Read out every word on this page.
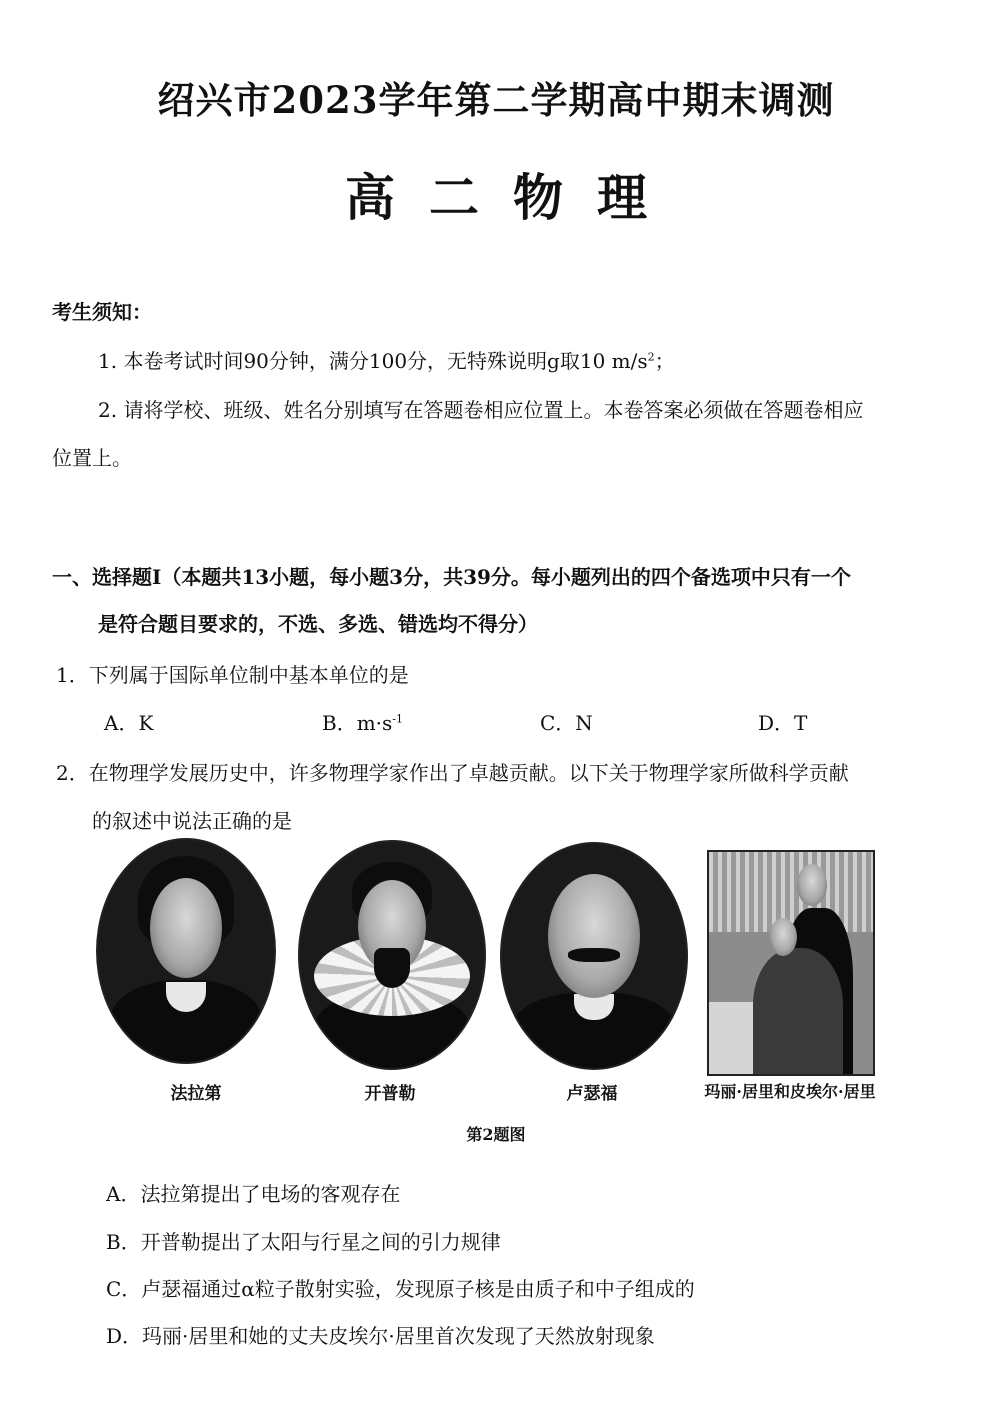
绍兴市2023学年第二学期高中期末调测
高二物理
考生须知：
1. 本卷考试时间90分钟，满分100分，无特殊说明g取10 $m/s^2$；
2. 请将学校、班级、姓名分别填写在答题卷相应位置上。本卷答案必须做在答题卷相应
位置上。
一、选择题I（本题共13小题，每小题3分，共39分。每小题列出的四个备选项中只有一个
是符合题目要求的，不选、多选、错选均不得分）
1．下列属于国际单位制中基本单位的是
A．K	B．$m\cdot s^{-1}$	C．N	D．T
2．在物理学发展历史中，许多物理学家作出了卓越贡献。以下关于物理学家所做科学贡献
的叙述中说法正确的是
法拉第	开普勒	卢瑟福	玛丽·居里和皮埃尔·居里
第2题图
A．法拉第提出了电场的客观存在
B．开普勒提出了太阳与行星之间的引力规律
C．卢瑟福通过α粒子散射实验，发现原子核是由质子和中子组成的
D．玛丽·居里和她的丈夫皮埃尔·居里首次发现了天然放射现象
